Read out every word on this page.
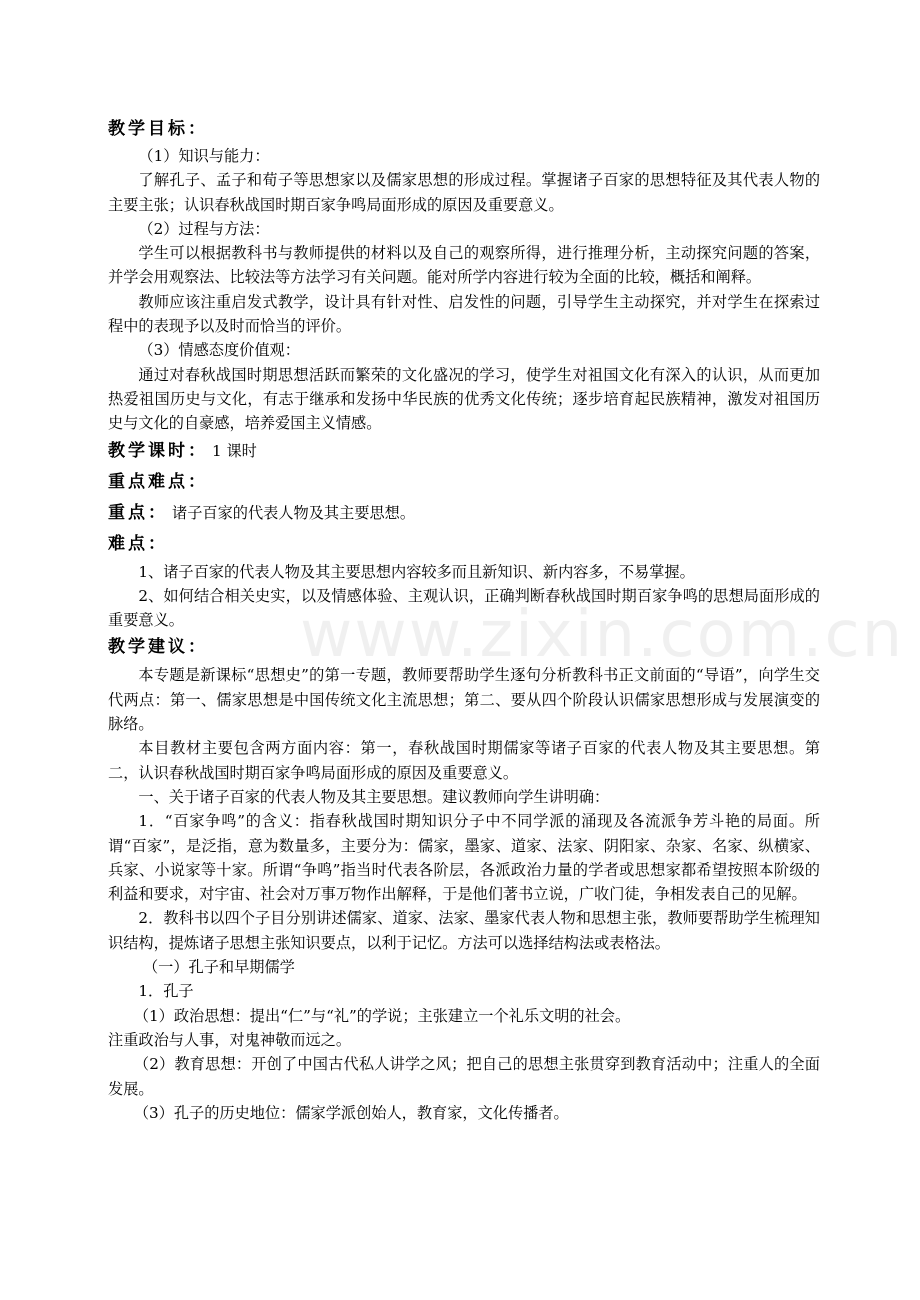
www.zixin.com.cn
教学目标：
（1）知识与能力：
了解孔子、孟子和荀子等思想家以及儒家思想的形成过程。掌握诸子百家的思想特征及其代表人物的主要主张；认识春秋战国时期百家争鸣局面形成的原因及重要意义。
（2）过程与方法：
学生可以根据教科书与教师提供的材料以及自己的观察所得，进行推理分析，主动探究问题的答案，并学会用观察法、比较法等方法学习有关问题。能对所学内容进行较为全面的比较，概括和阐释。
教师应该注重启发式教学，设计具有针对性、启发性的问题，引导学生主动探究，并对学生在探索过程中的表现予以及时而恰当的评价。
（3）情感态度价值观：
通过对春秋战国时期思想活跃而繁荣的文化盛况的学习，使学生对祖国文化有深入的认识，从而更加热爱祖国历史与文化，有志于继承和发扬中华民族的优秀文化传统；逐步培育起民族精神，激发对祖国历史与文化的自豪感，培养爱国主义情感。
教学课时： 1 课时
重点难点：
重点： 诸子百家的代表人物及其主要思想。
难点：
1、诸子百家的代表人物及其主要思想内容较多而且新知识、新内容多，不易掌握。
2、如何结合相关史实，以及情感体验、主观认识，正确判断春秋战国时期百家争鸣的思想局面形成的重要意义。
教学建议：
本专题是新课标“思想史”的第一专题，教师要帮助学生逐句分析教科书正文前面的“导语”，向学生交代两点：第一、儒家思想是中国传统文化主流思想；第二、要从四个阶段认识儒家思想形成与发展演变的脉络。
本目教材主要包含两方面内容：第一，春秋战国时期儒家等诸子百家的代表人物及其主要思想。第二，认识春秋战国时期百家争鸣局面形成的原因及重要意义。
一、关于诸子百家的代表人物及其主要思想。建议教师向学生讲明确：
1．“百家争鸣”的含义：指春秋战国时期知识分子中不同学派的涌现及各流派争芳斗艳的局面。所谓“百家”，是泛指，意为数量多，主要分为：儒家，墨家、道家、法家、阴阳家、杂家、名家、纵横家、兵家、小说家等十家。所谓“争鸣”指当时代表各阶层，各派政治力量的学者或思想家都希望按照本阶级的利益和要求，对宇宙、社会对万事万物作出解释，于是他们著书立说，广收门徒，争相发表自己的见解。
2．教科书以四个子目分别讲述儒家、道家、法家、墨家代表人物和思想主张，教师要帮助学生梳理知识结构，提炼诸子思想主张知识要点，以利于记忆。方法可以选择结构法或表格法。
（一）孔子和早期儒学
1．孔子
（1）政治思想：提出“仁”与“礼”的学说；主张建立一个礼乐文明的社会。
注重政治与人事，对鬼神敬而远之。
（2）教育思想：开创了中国古代私人讲学之风；把自己的思想主张贯穿到教育活动中；注重人的全面发展。
（3）孔子的历史地位：儒家学派创始人，教育家，文化传播者。
